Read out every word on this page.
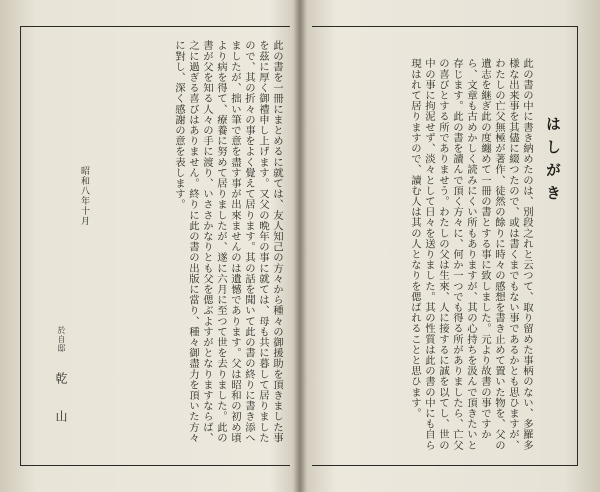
此の書を一冊にまとめるに就ては、友人知己の方々から種々の御援助を頂きました事を茲に厚く御禮申し上げます。又父の晩年の事に就ては、母も共に暮して居りましたので、其の折々の事をよく覺えて居ります。其の話を聞いて此の書の終りに書き添へましたが、拙い筆で意を盡す事が出來ませんのは遺憾であります。父は昭和の初め頃より病を得て、療養に努めて居りましたが、遂に六月に至つて世を去りました。此の書が父を知る人々の手に渡り、いささかなりとも父を偲ぶよすがとなりますならば、之に過ぎる喜びはありません。終りに此の書の出版に當り、種々御盡力を頂いた方々に對し、深く感謝の意を表します。
昭和八年十月
於自邸
乾山
はしがき
此の書の中に書き納めたのは、別段之れと云つて、取り留めた事柄のない、多羅多様な出来事を其儘に綴つたので、或は書くまでもない事であるかとも思ひますが、わたしの亡父無極が著作、徒然の餘りに時々の感想を書き止めて置いた物を、父の遺志を継ぎ此の度纏めて一冊の書とする事に致しました。元より故書の事ですから、文章も古めかしく読みにくい所もありますが、其の心持ちを汲んで頂きたいと存じます。此の書を讀んで頂く方々に、何か一つでも得る所がありましたら、亡父の喜びとする所でありませう。わたしの父は生來、人に接するに誠を以てし、世の中の事に拘泥せず、淡々として日々を送りました。其の性質は此の書の中にも自ら現はれて居りますので、讀む人は其の人となりを偲ばれることと思ひます。
